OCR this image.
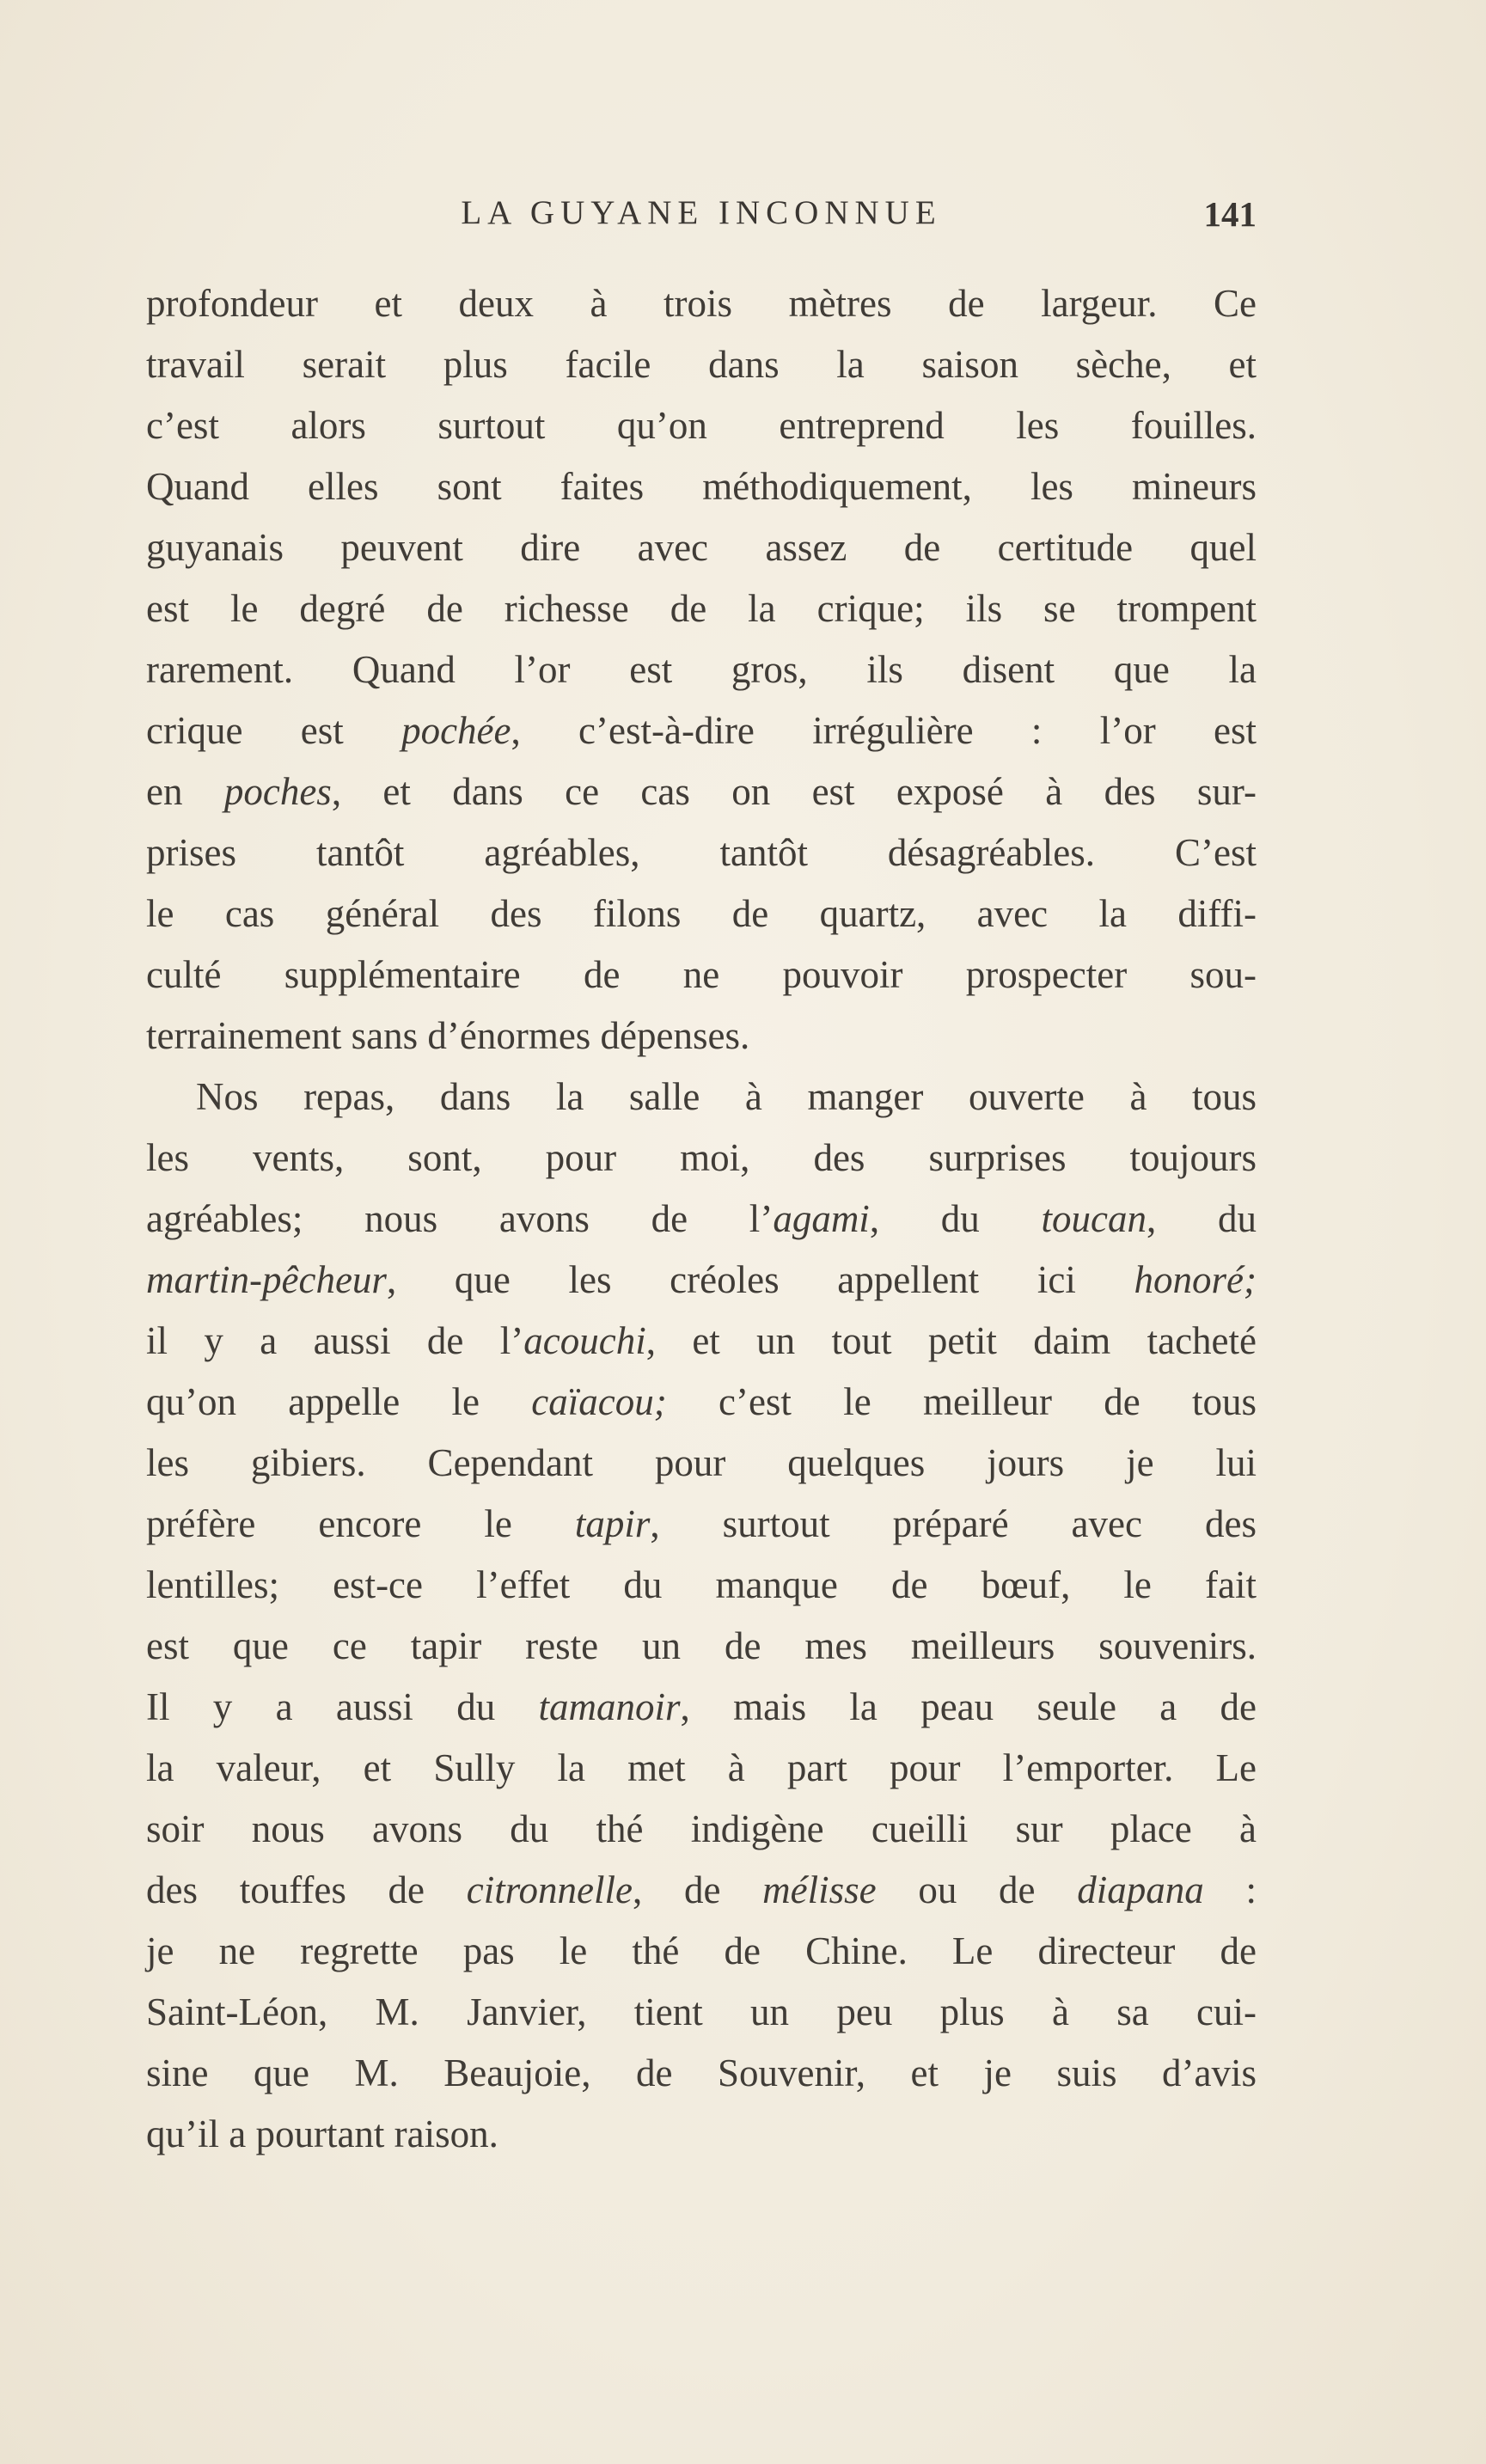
LA GUYANE INCONNUE	141
profondeur et deux à trois mètres de largeur. Ce
travail serait plus facile dans la saison sèche, et
c’est alors surtout qu’on entreprend les fouilles.
Quand elles sont faites méthodiquement, les mineurs
guyanais peuvent dire avec assez de certitude quel
est le degré de richesse de la crique; ils se trompent
rarement. Quand l’or est gros, ils disent que la
crique est pochée, c’est-à-dire irrégulière : l’or est
en poches, et dans ce cas on est exposé à des sur-
prises tantôt agréables, tantôt désagréables. C’est
le cas général des filons de quartz, avec la diffi-
culté supplémentaire de ne pouvoir prospecter sou-
terrainement sans d’énormes dépenses.
Nos repas, dans la salle à manger ouverte à tous
les vents, sont, pour moi, des surprises toujours
agréables; nous avons de l’agami, du toucan, du
martin-pêcheur, que les créoles appellent ici honoré;
il y a aussi de l’acouchi, et un tout petit daim tacheté
qu’on appelle le caïacou; c’est le meilleur de tous
les gibiers. Cependant pour quelques jours je lui
préfère encore le tapir, surtout préparé avec des
lentilles; est-ce l’effet du manque de bœuf, le fait
est que ce tapir reste un de mes meilleurs souvenirs.
Il y a aussi du tamanoir, mais la peau seule a de
la valeur, et Sully la met à part pour l’emporter. Le
soir nous avons du thé indigène cueilli sur place à
des touffes de citronnelle, de mélisse ou de diapana :
je ne regrette pas le thé de Chine. Le directeur de
Saint-Léon, M. Janvier, tient un peu plus à sa cui-
sine que M. Beaujoie, de Souvenir, et je suis d’avis
qu’il a pourtant raison.
